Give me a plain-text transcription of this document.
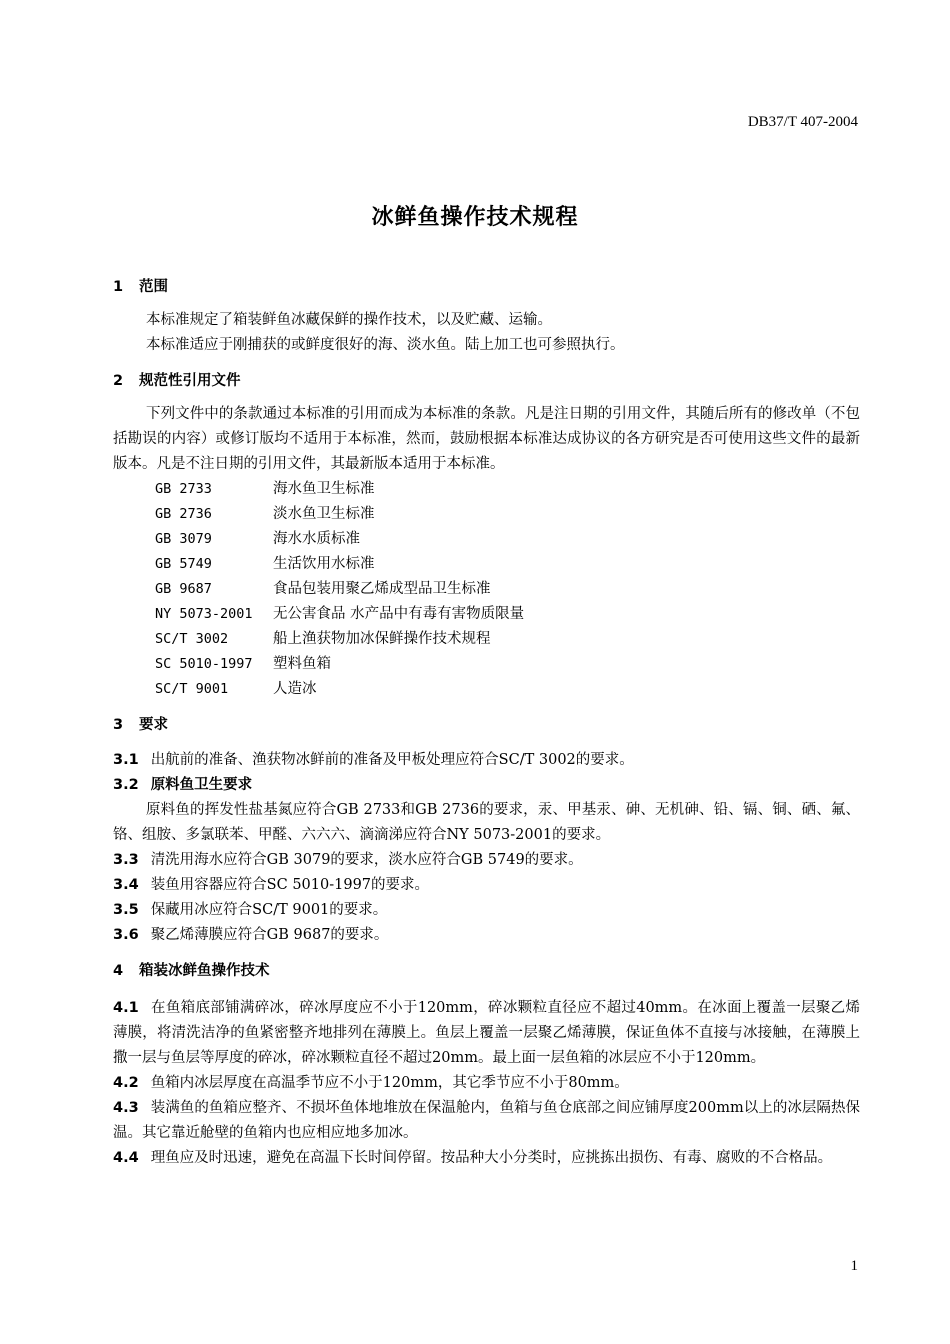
DB37/T 407-2004
冰鲜鱼操作技术规程
1 范围
本标准规定了箱装鲜鱼冰藏保鲜的操作技术，以及贮藏、运输。
本标准适应于刚捕获的或鲜度很好的海、淡水鱼。陆上加工也可参照执行。
2 规范性引用文件
下列文件中的条款通过本标准的引用而成为本标准的条款。凡是注日期的引用文件，其随后所有的修改单（不包括勘误的内容）或修订版均不适用于本标准，然而，鼓励根据本标准达成协议的各方研究是否可使用这些文件的最新版本。凡是不注日期的引用文件，其最新版本适用于本标准。
GB 2733	海水鱼卫生标准
GB 2736	淡水鱼卫生标准
GB 3079	海水水质标准
GB 5749	生活饮用水标准
GB 9687	食品包装用聚乙烯成型品卫生标准
NY 5073-2001 无公害食品 水产品中有毒有害物质限量
SC/T 3002	船上渔获物加冰保鲜操作技术规程
SC 5010-1997 塑料鱼箱
SC/T 9001	人造冰
3 要求
3.1 出航前的准备、渔获物冰鲜前的准备及甲板处理应符合SC/T 3002的要求。
3.2 原料鱼卫生要求
原料鱼的挥发性盐基氮应符合GB 2733和GB 2736的要求，汞、甲基汞、砷、无机砷、铅、镉、铜、硒、氟、铬、组胺、多氯联苯、甲醛、六六六、滴滴涕应符合NY 5073-2001的要求。
3.3 清洗用海水应符合GB 3079的要求，淡水应符合GB 5749的要求。
3.4 装鱼用容器应符合SC 5010-1997的要求。
3.5 保藏用冰应符合SC/T 9001的要求。
3.6 聚乙烯薄膜应符合GB 9687的要求。
4 箱装冰鲜鱼操作技术
4.1 在鱼箱底部铺满碎冰，碎冰厚度应不小于120mm，碎冰颗粒直径应不超过40mm。在冰面上覆盖一层聚乙烯薄膜，将清洗洁净的鱼紧密整齐地排列在薄膜上。鱼层上覆盖一层聚乙烯薄膜，保证鱼体不直接与冰接触，在薄膜上撒一层与鱼层等厚度的碎冰，碎冰颗粒直径不超过20mm。最上面一层鱼箱的冰层应不小于120mm。
4.2 鱼箱内冰层厚度在高温季节应不小于120mm，其它季节应不小于80mm。
4.3 装满鱼的鱼箱应整齐、不损坏鱼体地堆放在保温舱内，鱼箱与鱼仓底部之间应铺厚度200mm以上的冰层隔热保温。其它靠近舱壁的鱼箱内也应相应地多加冰。
4.4 理鱼应及时迅速，避免在高温下长时间停留。按品种大小分类时，应挑拣出损伤、有毒、腐败的不合格品。
1
